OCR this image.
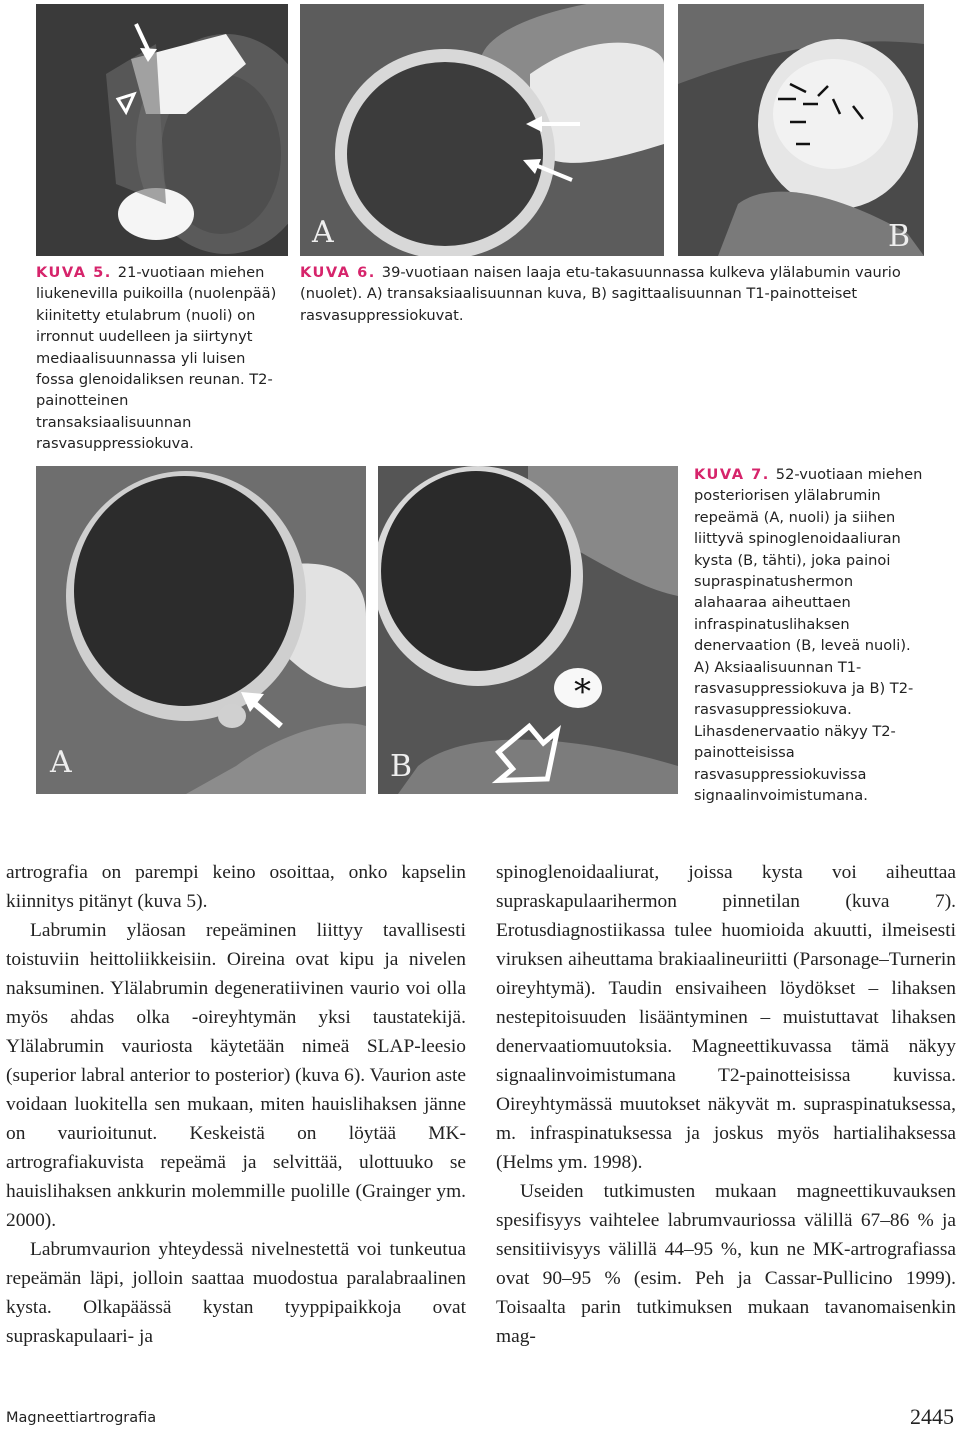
A	B
KUVA 5. 21-vuotiaan miehen liukenevilla puikoilla (nuolenpää) kiinitetty etulabrum (nuoli) on irronnut uudelleen ja siirtynyt mediaalisuunnassa yli luisen fossa glenoidaliksen reunan. T2-painotteinen transaksiaalisuunnan rasvasuppressiokuva.
KUVA 6. 39-vuotiaan naisen laaja etu-takasuunnassa kulkeva ylälabumin vaurio (nuolet). A) transaksiaalisuunnan kuva, B) sagittaalisuunnan T1-painotteiset rasvasuppressiokuvat.
A	B
*
KUVA 7. 52-vuotiaan miehen posteriorisen ylälabrumin repeämä (A, nuoli) ja siihen liittyvä spinoglenoidaaliuran kysta (B, tähti), joka painoi supraspinatushermon alahaaraa aiheuttaen infraspinatuslihaksen denervaation (B, leveä nuoli). A) Aksiaalisuunnan T1-rasvasuppressiokuva ja B) T2-rasvasuppressiokuva. Lihasdenervaatio näkyy T2-painotteisissa rasvasuppressiokuvissa signaalinvoimistumana.

artrografia on parempi keino osoittaa, onko kapselin kiinnitys pitänyt (kuva 5).

Labrumin yläosan repeäminen liittyy tavallisesti toistuviin heittoliikkeisiin. Oireina ovat kipu ja nivelen naksuminen. Ylälabrumin degeneratiivinen vaurio voi olla myös ahdas olka -oireyhtymän yksi taustatekijä. Ylälabrumin vauriosta käytetään nimeä SLAP-leesio (superior labral anterior to posterior) (kuva 6). Vaurion aste voidaan luokitella sen mukaan, miten hauislihaksen jänne on vaurioitunut. Keskeistä on löytää MK-artrografiakuvista repeämä ja selvittää, ulottuuko se hauislihaksen ankkurin molemmille puolille (Grainger ym. 2000).

Labrumvaurion yhteydessä nivelnestettä voi tunkeutua repeämän läpi, jolloin saattaa muodostua paralabraalinen kysta. Olkapäässä kystan tyyppipaikkoja ovat supraskapulaari- ja

spinoglenoidaaliurat, joissa kysta voi aiheuttaa supraskapulaarihermon pinnetilan (kuva 7). Erotusdiagnostiikassa tulee huomioida akuutti, ilmeisesti viruksen aiheuttama brakiaalineuriitti (Parsonage–Turnerin oireyhtymä). Taudin ensivaiheen löydökset – lihaksen nestepitoisuuden lisääntyminen – muistuttavat lihaksen denervaatiomuutoksia. Magneettikuvassa tämä näkyy signaalinvoimistumana T2-painotteisissa kuvissa. Oireyhtymässä muutokset näkyvät m. supraspinatuksessa, m. infraspinatuksessa ja joskus myös hartialihaksessa (Helms ym. 1998).

Useiden tutkimusten mukaan magneettikuvauksen spesifisyys vaihtelee labrumvauriossa välillä 67–86 % ja sensitiivisyys välillä 44–95 %, kun ne MK-artrografiassa ovat 90–95 % (esim. Peh ja Cassar-Pullicino 1999). Toisaalta parin tutkimuksen mukaan tavanomaisenkin mag-

Magneettiartrografia	2445
